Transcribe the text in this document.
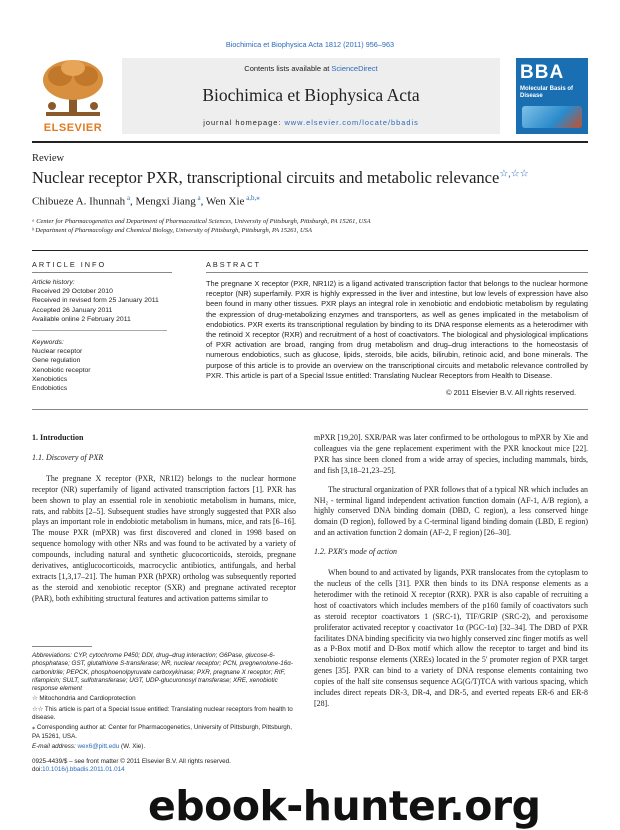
Biochimica et Biophysica Acta 1812 (2011) 956–963
ELSEVIER
Contents lists available at ScienceDirect
Biochimica et Biophysica Acta
journal homepage: www.elsevier.com/locate/bbadis
BBA
Molecular Basis of Disease
Review
Nuclear receptor PXR, transcriptional circuits and metabolic relevance☆,☆☆
Chibueze A. Ihunnah $^a$, Mengxi Jiang $^a$, Wen Xie $^{a,b,⁎}$
ᵃ Center for Pharmacogenetics and Department of Pharmaceutical Sciences, University of Pittsburgh, Pittsburgh, PA 15261, USA
ᵇ Department of Pharmacology and Chemical Biology, University of Pittsburgh, Pittsburgh, PA 15261, USA
ARTICLE INFO	ABSTRACT
Article history:
Received 29 October 2010
Received in revised form 25 January 2011
Accepted 26 January 2011
Available online 2 February 2011
Keywords:
Nuclear receptor
Gene regulation
Xenobiotic receptor
Xenobiotics
Endobiotics
The pregnane X receptor (PXR, NR1I2) is a ligand activated transcription factor that belongs to the nuclear hormone receptor (NR) superfamily. PXR is highly expressed in the liver and intestine, but low levels of expression have also been found in many other tissues. PXR plays an integral role in xenobiotic and endobiotic metabolism by regulating the expression of drug-metabolizing enzymes and transporters, as well as genes implicated in the metabolism of endobiotics. PXR exerts its transcriptional regulation by binding to its DNA response elements as a heterodimer with the retinoid X receptor (RXR) and recruitment of a host of coactivators. The biological and physiological implications of PXR activation are broad, ranging from drug metabolism and drug–drug interactions to the homeostasis of numerous endobiotics, such as glucose, lipids, steroids, bile acids, bilirubin, retinoic acid, and bone minerals. The purpose of this article is to provide an overview on the transcriptional circuits and metabolic relevance controlled by PXR. This article is part of a Special Issue entitled: Translating Nuclear Receptors from Health to Disease.
© 2011 Elsevier B.V. All rights reserved.
1. Introduction
1.1. Discovery of PXR

The pregnane X receptor (PXR, NR1I2) belongs to the nuclear hormone receptor (NR) superfamily of ligand activated transcription factors [1]. PXR has been shown to play an essential role in xenobiotic metabolism in humans, mice, rats, and rabbits [2–5]. Subsequent studies have strongly suggested that PXR also plays an important role in endobiotic metabolism in humans, mice, and rats [6–16]. The mouse PXR (mPXR) was first discovered and cloned in 1998 based on sequence homology with other NRs and was found to be activated by a variety of compounds, including natural and synthetic glucocorticoids, steroids, pregnane derivatives, antiglucocorticoids, macrocyclic antibiotics, antifungals, and herbal extracts [1,3,17–21]. The human PXR (hPXR) ortholog was subsequently reported as the steroid and xenobiotic receptor (SXR) and pregnane activated receptor (PAR), both exhibiting structural features and activation patterns similar to

mPXR [19,20]. SXR/PAR was later confirmed to be orthologous to mPXR by Xie and colleagues via the gene replacement experiment with the PXR knockout mice [22]. PXR has since been cloned from a wide array of species, including mammals, birds, and fish [3,18–21,23–25].

The structural organization of PXR follows that of a typical NR which includes an NH₂ - terminal ligand independent activation function domain (AF-1, A/B region), a highly conserved DNA binding domain (DBD, C region), a less conserved hinge domain (D region), followed by a C-terminal ligand binding domain (LBD, E region) and an activation function 2 domain (AF-2, F region) [26–30].

1.2. PXR's mode of action

When bound to and activated by ligands, PXR translocates from the cytoplasm to the nucleus of the cells [31]. PXR then binds to its DNA response elements as a heterodimer with the retinoid X receptor (RXR). PXR is also capable of recruiting a host of coactivators which includes members of the p160 family of coactivators such as steroid receptor coactivators 1 (SRC-1), TIF/GRIP (SRC-2), and peroxisome proliferator activated receptor γ coactivator 1α (PGC-1α) [32–34]. The DBD of PXR facilitates DNA binding specificity via two highly conserved zinc finger motifs as well as a P-Box motif and D-Box motif which allow the receptor to target and bind its xenobiotic response elements (XREs) located in the 5′ promoter region of PXR target genes [35]. PXR can bind to a variety of DNA response elements containing two copies of the half site consensus sequence AG(G/T)TCA with various spacing, which includes direct repeats DR-3, DR-4, and DR-5, and everted repeats ER-6 and ER-8 [28].

Abbreviations: CYP, cytochrome P450; DDI, drug–drug interaction; G6Pase, glucose-6-phosphatase; GST, glutathione S-transferase; NR, nuclear receptor; PCN, pregnenolone-16α-carbonitrile; PEPCK, phosphoenolpyruvate carboxykinase; PXR, pregnane X receptor; RIF, rifampicin; SULT, sulfotransferase; UGT, UDP-glucuronosyl transferase; XRE, xenobiotic response element

☆ Mitochondria and Cardioprotection

☆☆ This article is part of a Special Issue entitled: Translating nuclear receptors from health to disease.

⁎ Corresponding author at: Center for Pharmacogenetics, University of Pittsburgh, Pittsburgh, PA 15261, USA.

E-mail address: wex6@pitt.edu (W. Xie).

0925-4439/$ – see front matter © 2011 Elsevier B.V. All rights reserved.
doi:10.1016/j.bbadis.2011.01.014
ebook-hunter.org
